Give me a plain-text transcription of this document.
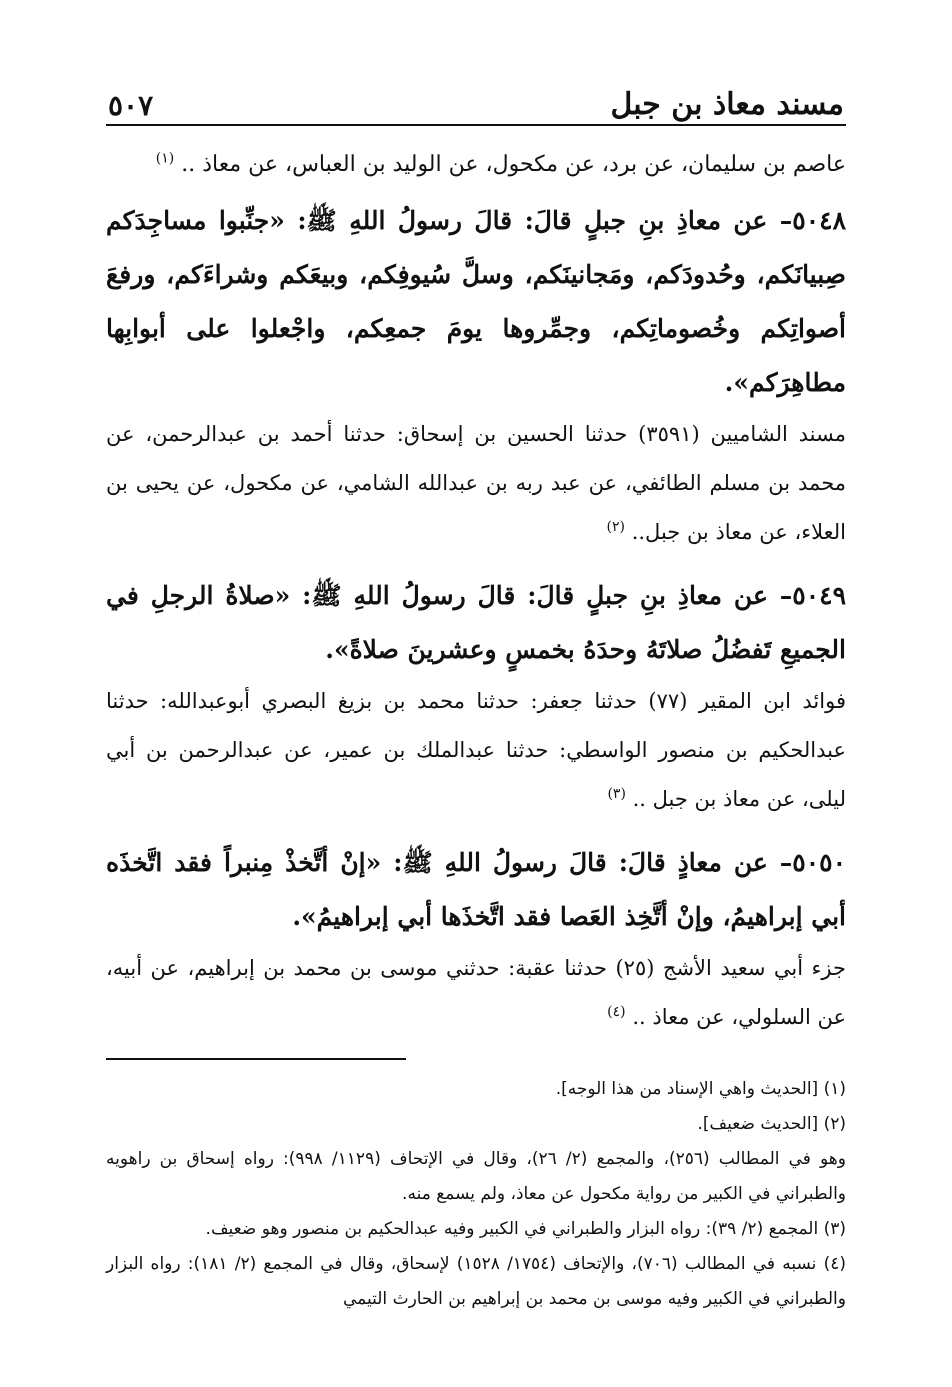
مسند معاذ بن جبل
٥٠٧

عاصم بن سليمان، عن برد، عن مكحول، عن الوليد بن العباس، عن معاذ .. $^{(١)}$

٥٠٤٨– عن معاذِ بنِ جبلٍ قالَ: قالَ رسولُ اللهِ ﷺ: «جنِّبوا مساجِدَكم صِبيانَكم، وحُدودَكم، ومَجانينَكم، وسلَّ سُيوفِكم، وبيعَكم وشراءَكم، ورفعَ أصواتِكم وخُصوماتِكم، وجمِّروها يومَ جمعِكم، واجْعلوا على أبوابِها مطاهِرَكم».

مسند الشاميين (٣٥٩١) حدثنا الحسين بن إسحاق: حدثنا أحمد بن عبدالرحمن، عن محمد بن مسلم الطائفي، عن عبد ربه بن عبدالله الشامي، عن مكحول، عن يحيى بن العلاء، عن معاذ بن جبل.. $^{(٢)}$

٥٠٤٩– عن معاذِ بنِ جبلٍ قالَ: قالَ رسولُ اللهِ ﷺ: «صلاةُ الرجلِ في الجميعِ تَفضُلُ صلاتَهُ وحدَهُ بخمسٍ وعشرينَ صلاةً».

فوائد ابن المقير (٧٧) حدثنا جعفر: حدثنا محمد بن بزيغ البصري أبوعبدالله: حدثنا عبدالحكيم بن منصور الواسطي: حدثنا عبدالملك بن عمير، عن عبدالرحمن بن أبي ليلى، عن معاذ بن جبل .. $^{(٣)}$

٥٠٥٠– عن معاذٍ قالَ: قالَ رسولُ اللهِ ﷺ: «إنْ أتَّخذْ مِنبراً فقد اتَّخذَه أبي إبراهيمُ، وإنْ أتَّخِذ العَصا فقد اتَّخذَها أبي إبراهيمُ».

جزء أبي سعيد الأشج (٢٥) حدثنا عقبة: حدثني موسى بن محمد بن إبراهيم، عن أبيه، عن السلولي، عن معاذ .. $^{(٤)}$

(١) [الحديث واهي الإسناد من هذا الوجه].

(٢) [الحديث ضعيف].

وهو في المطالب (٢٥٦)، والمجمع (٢/ ٢٦)، وقال في الإتحاف (١١٢٩/ ٩٩٨): رواه إسحاق بن راهويه والطبراني في الكبير من رواية مكحول عن معاذ، ولم يسمع منه.

(٣) المجمع (٢/ ٣٩): رواه البزار والطبراني في الكبير وفيه عبدالحكيم بن منصور وهو ضعيف.

(٤) نسبه في المطالب (٧٠٦)، والإتحاف (١٧٥٤/ ١٥٢٨) لإسحاق، وقال في المجمع (٢/ ١٨١): رواه البزار والطبراني في الكبير وفيه موسى بن محمد بن إبراهيم بن الحارث التيمي
